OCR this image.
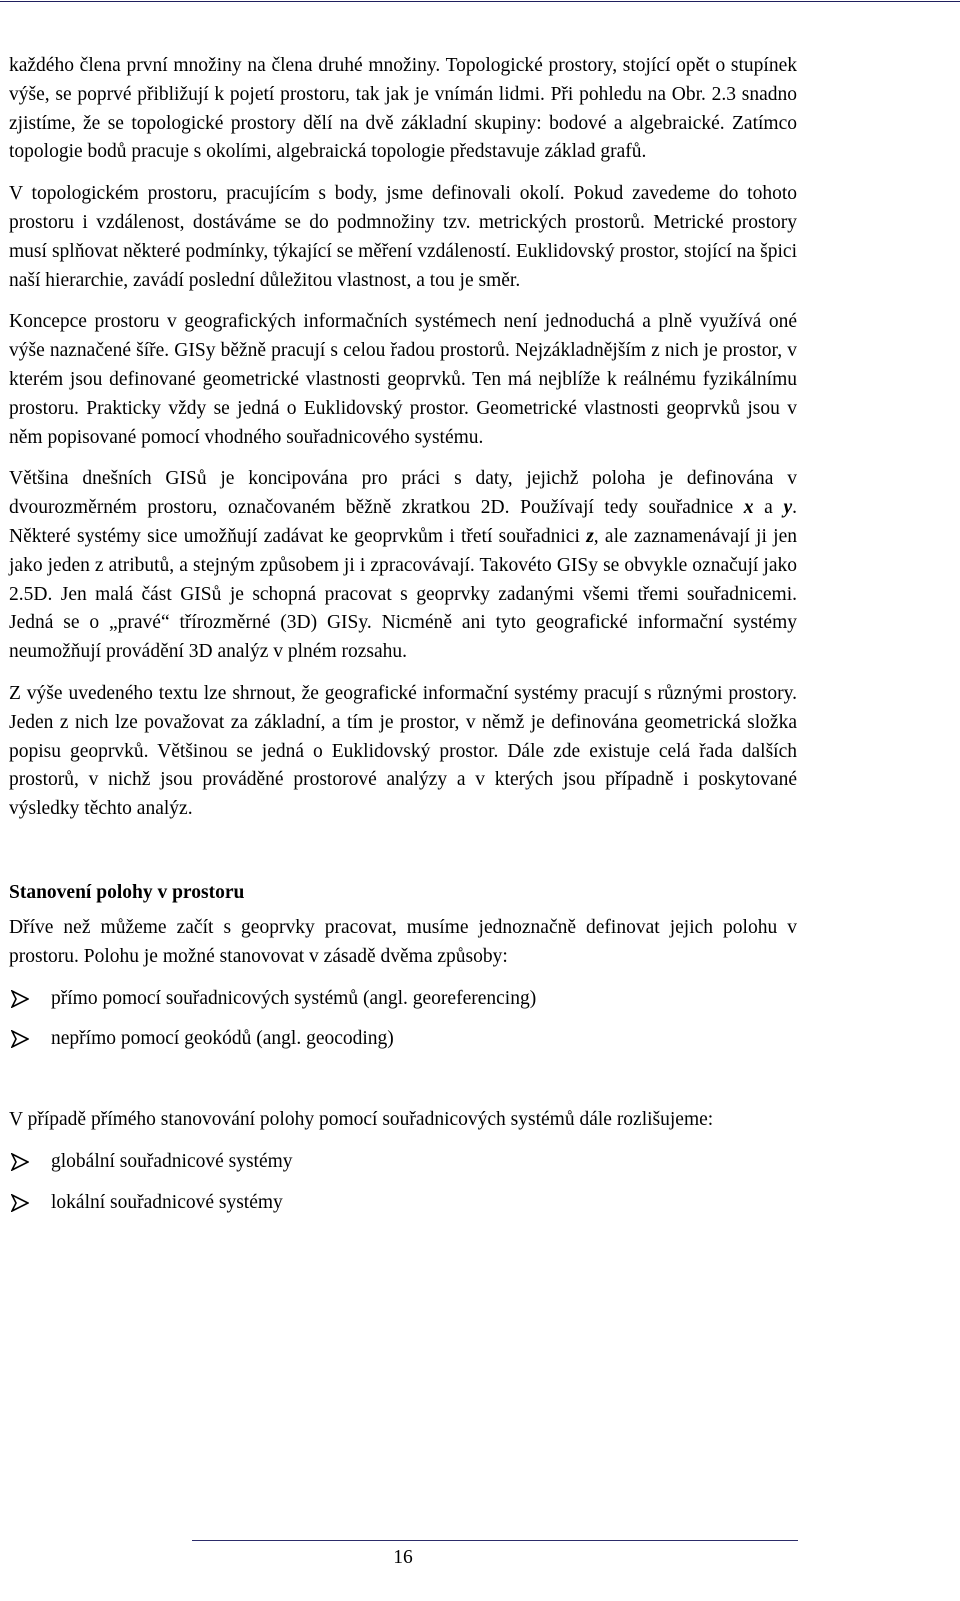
každého člena první množiny na člena druhé množiny. Topologické prostory, stojící opět o stupínek výše, se poprvé přibližují k pojetí prostoru, tak jak je vnímán lidmi. Při pohledu na Obr. 2.3 snadno zjistíme, že se topologické prostory dělí na dvě základní skupiny: bodové a algebraické. Zatímco topologie bodů pracuje s okolími, algebraická topologie představuje základ grafů.

V topologickém prostoru, pracujícím s body, jsme definovali okolí. Pokud zavedeme do tohoto prostoru i vzdálenost, dostáváme se do podmnožiny tzv. metrických prostorů. Metrické prostory musí splňovat některé podmínky, týkající se měření vzdáleností. Euklidovský prostor, stojící na špici naší hierarchie, zavádí poslední důležitou vlastnost, a tou je směr.

Koncepce prostoru v geografických informačních systémech není jednoduchá a plně využívá oné výše naznačené šíře. GISy běžně pracují s celou řadou prostorů. Nejzákladnějším z nich je prostor, v kterém jsou definované geometrické vlastnosti geoprvků. Ten má nejblíže k reálnému fyzikálnímu prostoru. Prakticky vždy se jedná o Euklidovský prostor. Geometrické vlastnosti geoprvků jsou v něm popisované pomocí vhodného souřadnicového systému.

Většina dnešních GISů je koncipována pro práci s daty, jejichž poloha je definována v dvourozměrném prostoru, označovaném běžně zkratkou 2D. Používají tedy souřadnice x a y. Některé systémy sice umožňují zadávat ke geoprvkům i třetí souřadnici z, ale zaznamenávají ji jen jako jeden z atributů, a stejným způsobem ji i zpracovávají. Takovéto GISy se obvykle označují jako 2.5D. Jen malá část GISů je schopná pracovat s geoprvky zadanými všemi třemi souřadnicemi. Jedná se o „pravé“ třírozměrné (3D) GISy. Nicméně ani tyto geografické informační systémy neumožňují provádění 3D analýz v plném rozsahu.

Z výše uvedeného textu lze shrnout, že geografické informační systémy pracují s různými prostory. Jeden z nich lze považovat za základní, a tím je prostor, v němž je definována geometrická složka popisu geoprvků. Většinou se jedná o Euklidovský prostor. Dále zde existuje celá řada dalších prostorů, v nichž jsou prováděné prostorové analýzy a v kterých jsou případně i poskytované výsledky těchto analýz.

Stanovení polohy v prostoru

Dříve než můžeme začít s geoprvky pracovat, musíme jednoznačně definovat jejich polohu v prostoru. Polohu je možné stanovovat v zásadě dvěma způsoby:

přímo pomocí souřadnicových systémů (angl. georeferencing)
nepřímo pomocí geokódů (angl. geocoding)

V případě přímého stanovování polohy pomocí souřadnicových systémů dále rozlišujeme:

globální souřadnicové systémy
lokální souřadnicové systémy
16
